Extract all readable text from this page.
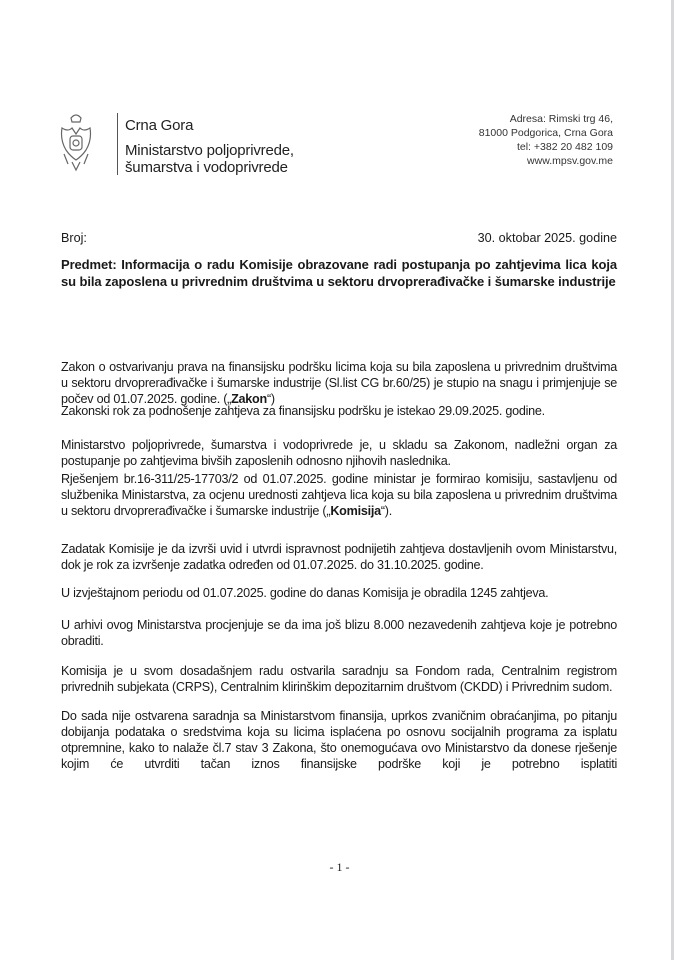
Crna Gora
Ministarstvo poljoprivrede,
šumarstva i vodoprivrede
Adresa: Rimski trg 46,
81000 Podgorica, Crna Gora
tel: +382 20 482 109
www.mpsv.gov.me
Broj:	30. oktobar 2025. godine
Predmet: Informacija o radu Komisije obrazovane radi postupanja po zahtjevima lica koja su bila zaposlena u privrednim društvima u sektoru drvoprerađivačke i šumarske industrije
Zakon o ostvarivanju prava na finansijsku podršku licima koja su bila zaposlena u privrednim društvima u sektoru drvoprerađivačke i šumarske industrije (Sl.list CG br.60/25) je stupio na snagu i primjenjuje se počev od 01.07.2025. godine. („Zakon“)
Zakonski rok za podnošenje zahtjeva za finansijsku podršku je istekao 29.09.2025. godine.
Ministarstvo poljoprivrede, šumarstva i vodoprivrede je, u skladu sa Zakonom, nadležni organ za postupanje po zahtjevima bivših zaposlenih odnosno njihovih naslednika.
Rješenjem br.16-311/25-17703/2 od 01.07.2025. godine ministar je formirao komisiju, sastavljenu od službenika Ministarstva, za ocjenu urednosti zahtjeva lica koja su bila zaposlena u privrednim društvima u sektoru drvoprerađivačke i šumarske industrije („Komisija“).
Zadatak Komisije je da izvrši uvid i utvrdi ispravnost podnijetih zahtjeva dostavljenih ovom Ministarstvu, dok je rok za izvršenje zadatka određen od 01.07.2025. do 31.10.2025. godine.
U izvještajnom periodu od 01.07.2025. godine do danas Komisija je obradila 1245 zahtjeva.
U arhivi ovog Ministarstva procjenjuje se da ima još blizu 8.000 nezavedenih zahtjeva koje je potrebno obraditi.
Komisija je u svom dosadašnjem radu ostvarila saradnju sa Fondom rada, Centralnim registrom privrednih subjekata (CRPS), Centralnim klirinškim depozitarnim društvom (CKDD) i Privrednim sudom.
Do sada nije ostvarena saradnja sa Ministarstvom finansija, uprkos zvaničnim obraćanjima, po pitanju dobijanja podataka o sredstvima koja su licima isplaćena po osnovu socijalnih programa za isplatu otpremnine, kako to nalaže čl.7 stav 3 Zakona, što onemogućava ovo Ministarstvo da donese rješenje kojim će utvrditi tačan iznos finansijske podrške koji je potrebno isplatiti
- 1 -
